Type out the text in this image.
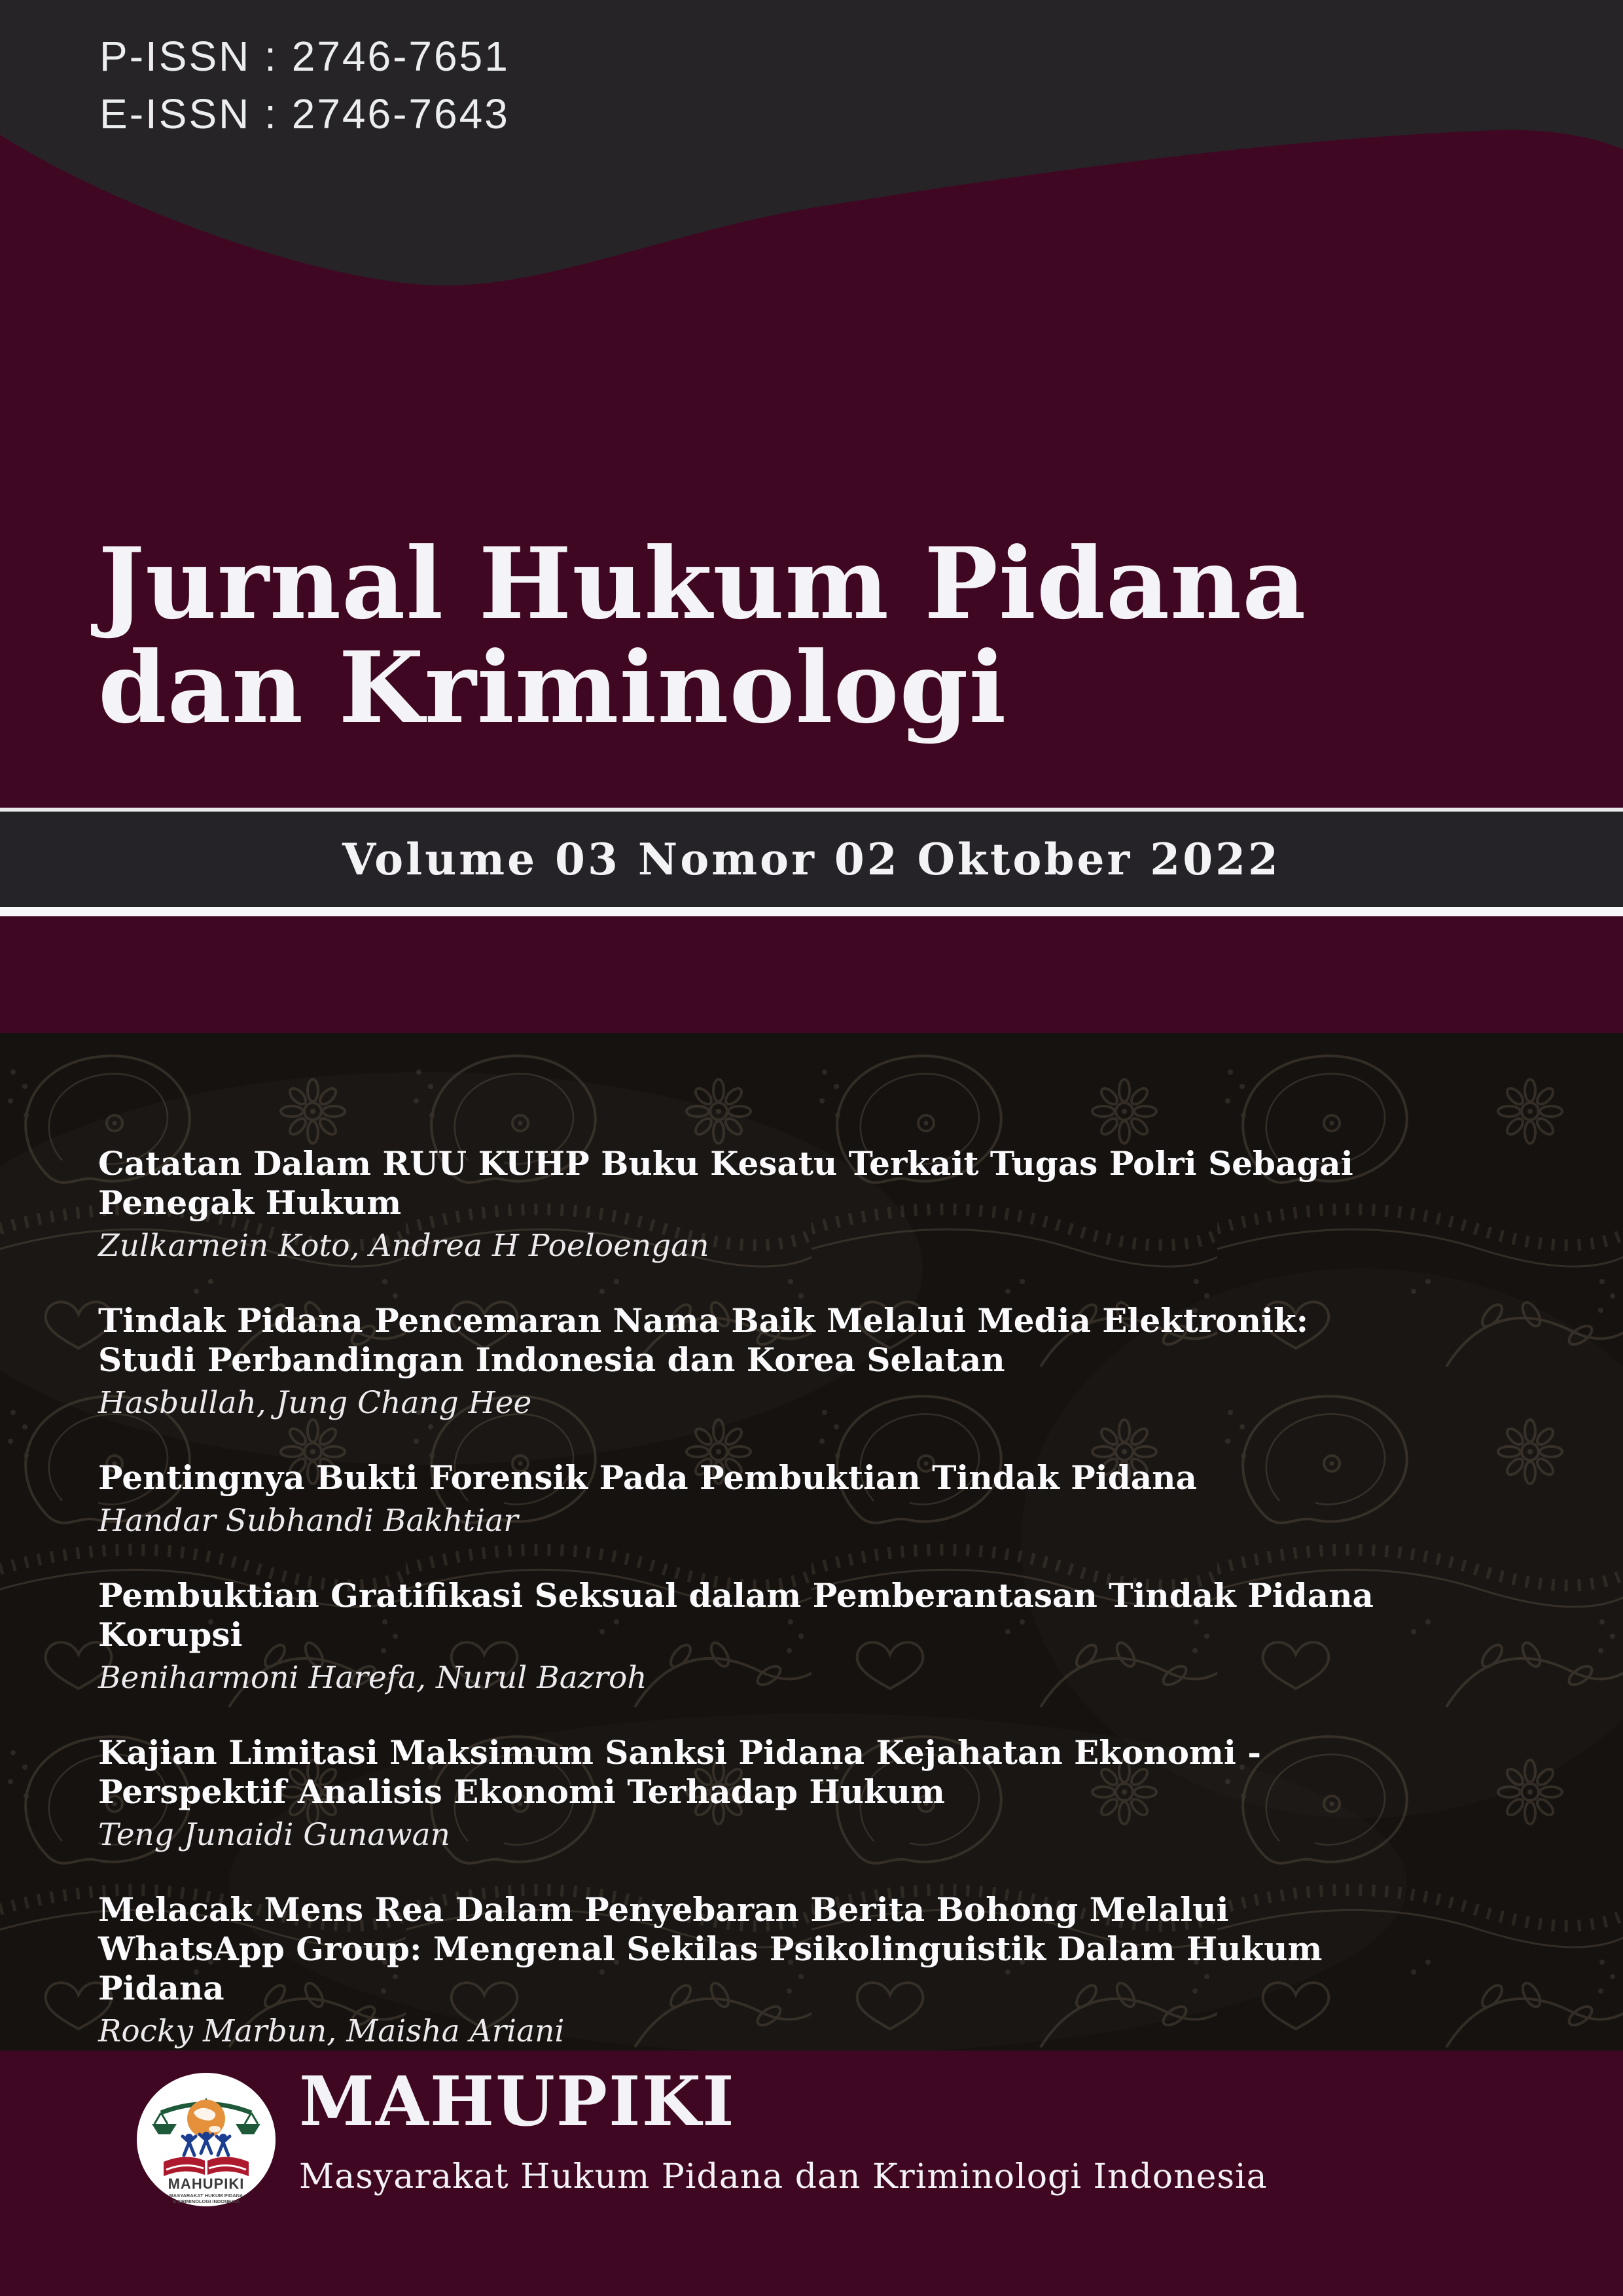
P-ISSN : 2746-7651
E-ISSN : 2746-7643
Jurnal Hukum Pidana dan Kriminologi
Volume 03 Nomor 02 Oktober 2022

Catatan Dalam RUU KUHP Buku Kesatu Terkait Tugas Polri Sebagai Penegak Hukum

Zulkarnein Koto, Andrea H Poeloengan

Tindak Pidana Pencemaran Nama Baik Melalui Media Elektronik: Studi Perbandingan Indonesia dan Korea Selatan

Hasbullah, Jung Chang Hee

Pentingnya Bukti Forensik Pada Pembuktian Tindak Pidana

Handar Subhandi Bakhtiar

Pembuktian Gratifikasi Seksual dalam Pemberantasan Tindak Pidana Korupsi

Beniharmoni Harefa, Nurul Bazroh

Kajian Limitasi Maksimum Sanksi Pidana Kejahatan Ekonomi - Perspektif Analisis Ekonomi Terhadap Hukum

Teng Junaidi Gunawan

Melacak Mens Rea Dalam Penyebaran Berita Bohong Melalui WhatsApp Group: Mengenal Sekilas Psikolinguistik Dalam Hukum Pidana

Rocky Marbun, Maisha Ariani

MAHUPIKI
MASYARAKAT HUKUM PIDANA
& KRIMINOLOGI INDONESIA

MAHUPIKI

Masyarakat Hukum Pidana dan Kriminologi Indonesia
